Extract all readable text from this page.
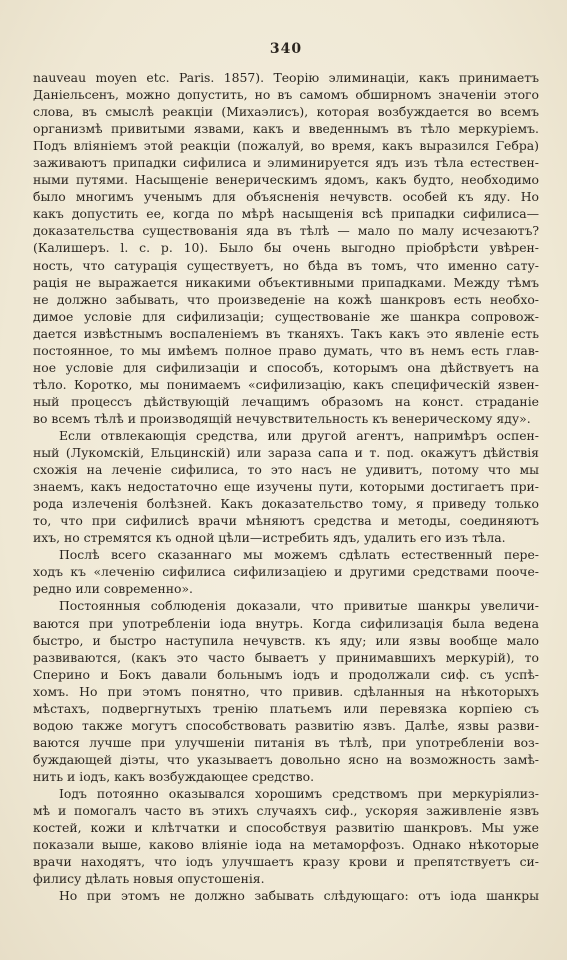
340
nauveau moyen etc. Paris. 1857). Теорію элиминаціи, какъ принимаетъ
Даніельсенъ, можно допустить, но въ самомъ обширномъ значеніи этого
слова, въ смыслѣ реакціи (Михаэлисъ), которая возбуждается во всемъ
организмѣ привитыми язвами, какъ и введеннымъ въ тѣло меркуріемъ.
Подъ вліяніемъ этой реакціи (пожалуй, во время, какъ выразился Гебра)
заживаютъ припадки сифилиса и элиминируется ядъ изъ тѣла естествен-
ными путями. Насыщеніе венерическимъ ядомъ, какъ будто, необходимо
было многимъ ученымъ для объясненія нечувств. особей къ яду. Но
какъ допустить ее, когда по мѣрѣ насыщенія всѣ припадки сифилиса—
доказательства существованія яда въ тѣлѣ — мало по малу исчезаютъ?
(Калишеръ. l. c. p. 10). Было бы очень выгодно пріобрѣсти увѣрен-
ность, что сатурація существуетъ, но бѣда въ томъ, что именно сату-
рація не выражается никакими объективными припадками. Между тѣмъ
не должно забывать, что произведеніе на кожѣ шанкровъ есть необхо-
димое условіе для сифилизаціи; существованіе же шанкра сопровож-
дается извѣстнымъ воспаленіемъ въ тканяхъ. Такъ какъ это явленіе есть
постоянное, то мы имѣемъ полное право думать, что въ немъ есть глав-
ное условіе для сифилизаціи и способъ, которымъ она дѣйствуетъ на
тѣло. Коротко, мы понимаемъ «сифилизацію, какъ специфическій язвен-
ный процессъ дѣйствующій лечащимъ образомъ на конст. страданіе
во всемъ тѣлѣ и производящій нечувствительность къ венерическому яду».
Если отвлекающія средства, или другой агентъ, напримѣръ оспен-
ный (Лукомскій, Ельцинскій) или зараза сапа и т. под. окажутъ дѣйствія
схожія на леченіе сифилиса, то это насъ не удивитъ, потому что мы
знаемъ, какъ недостаточно еще изучены пути, которыми достигаетъ при-
рода излеченія болѣзней. Какъ доказательство тому, я приведу только
то, что при сифилисѣ врачи мѣняютъ средства и методы, соединяютъ
ихъ, но стремятся къ одной цѣли—истребить ядъ, удалить его изъ тѣла.
Послѣ всего сказаннаго мы можемъ сдѣлать естественный пере-
ходъ къ «леченію сифилиса сифилизаціею и другими средствами поочe-
редно или современно».
Постоянныя соблюденія доказали, что привитые шанкры увеличи-
ваются при употребленіи іода внутрь. Когда сифилизація была ведена
быстро, и быстро наступила нечувств. къ яду; или язвы вообще мало
развиваются, (какъ это часто бываетъ у принимавшихъ меркурій), то
Сперино и Бокъ давали больнымъ іодъ и продолжали сиф. съ успѣ-
хомъ. Но при этомъ понятно, что привив. сдѣланныя на нѣкоторыхъ
мѣстахъ, подвергнутыхъ тренію платьемъ или перевязка корпіею съ
водою также могутъ способствовать развитію язвъ. Далѣе, язвы разви-
ваются лучше при улучшеніи питанія въ тѣлѣ, при употребленіи воз-
буждающей діэты, что указываетъ довольно ясно на возможность замѣ-
нить и іодъ, какъ возбуждающее средство.
Іодъ потоянно оказывался хорошимъ средствомъ при меркуріялиз-
мѣ и помогалъ часто въ этихъ случаяхъ сиф., ускоряя заживленіе язвъ
костей, кожи и клѣтчатки и способствуя развитію шанкровъ. Мы уже
показали выше, каково вліяніе іода на метаморфозъ. Однако нѣкоторые
врачи находятъ, что іодъ улучшаетъ кразу крови и препятствуетъ си-
филису дѣлать новыя опустошенія.
Но при этомъ не должно забывать слѣдующаго: отъ іода шанкры
